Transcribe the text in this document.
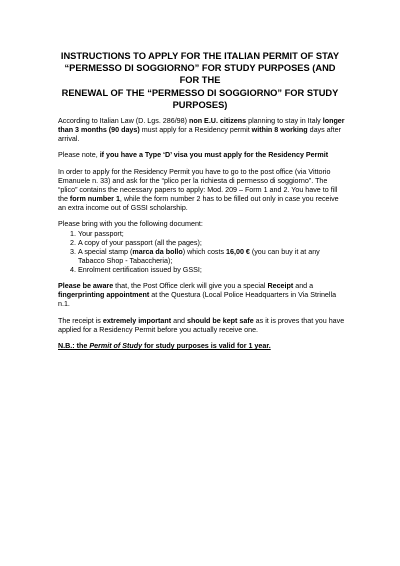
INSTRUCTIONS TO APPLY FOR THE ITALIAN PERMIT OF STAY
“PERMESSO DI SOGGIORNO” FOR STUDY PURPOSES (AND FOR THE
RENEWAL OF THE “PERMESSO DI SOGGIORNO” FOR STUDY
PURPOSES)

According to Italian Law (D. Lgs. 286/98) non E.U. citizens planning to stay in Italy longer than 3 months (90 days) must apply for a Residency permit within 8 working days after arrival.

Please note, if you have a Type ‘D’ visa you must apply for the Residency Permit

In order to apply for the Residency Permit you have to go to the post office (via Vittorio Emanuele n. 33) and ask for the “plico per la richiesta di permesso di soggiorno”. The “plico” contains the necessary papers to apply: Mod. 209 – Form 1 and 2. You have to fill the form number 1, while the form number 2 has to be filled out only in case you receive an extra income out of GSSI scholarship.

Please bring with you the following document:

1. Your passport;
2. A copy of your passport (all the pages);
3. A special stamp (marca da bollo) which costs 16,00 € (you can buy it at any Tabacco Shop - Tabaccheria);
4. Enrolment certification issued by GSSI;

Please be aware that, the Post Office clerk will give you a special Receipt and a fingerprinting appointment at the Questura (Local Police Headquarters in Via Strinella n.1.

The receipt is extremely important and should be kept safe as it is proves that you have applied for a Residency Permit before you actually receive one.

N.B.: the Permit of Study for study purposes is valid for 1 year.
